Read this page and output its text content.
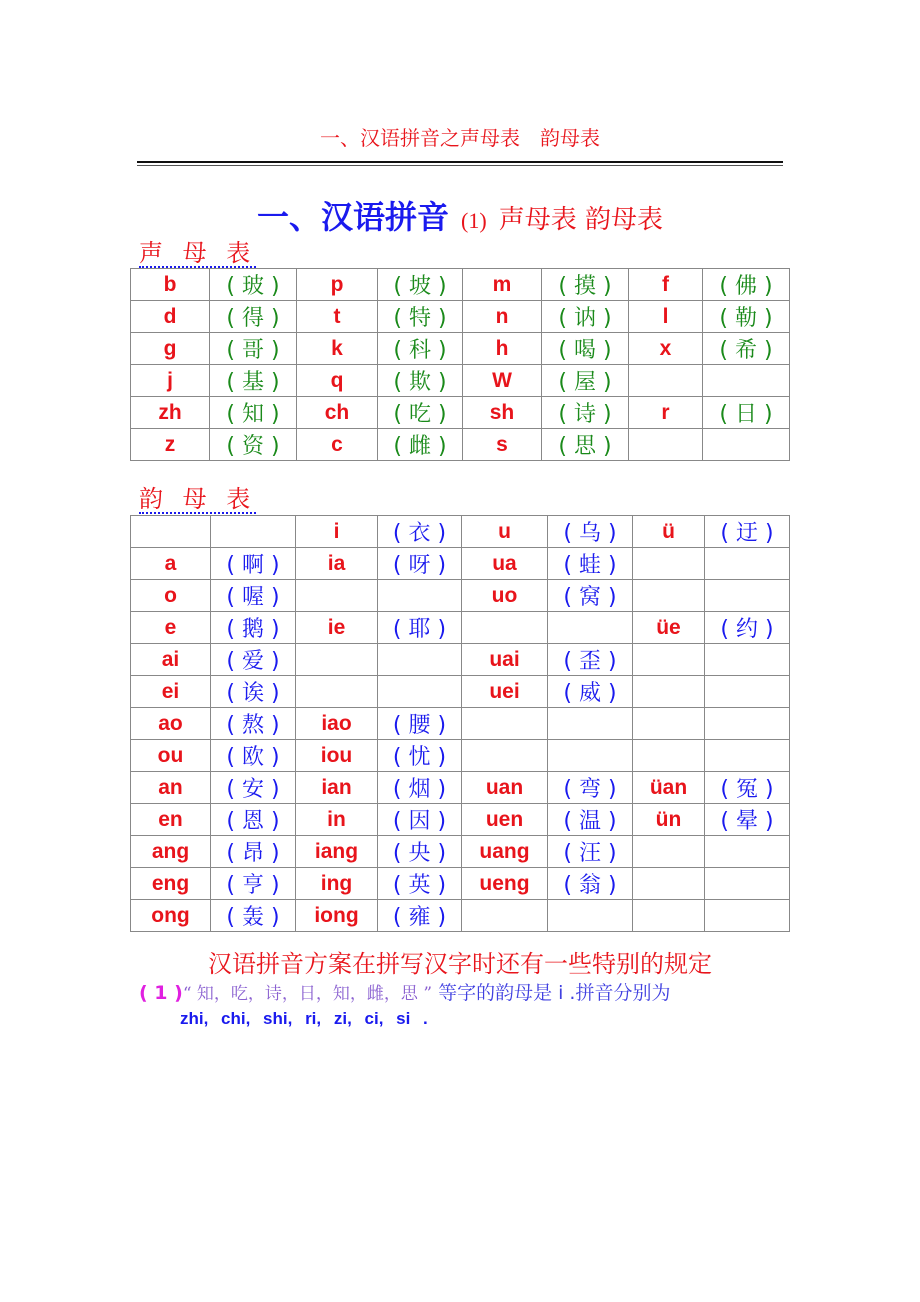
一、汉语拼音之声母表　韵母表
一、汉语拼音 (1) 声母表 韵母表
声 母 表
b	( 玻 )	p	( 坡 )	m	( 摸 )	f	( 佛 )
d	( 得 )	t	( 特 )	n	( 讷 )	l	( 勒 )
g	( 哥 )	k	( 科 )	h	( 喝 )	x	( 希 )
j	( 基 )	q	( 欺 )	W	( 屋 )		
zh	( 知 )	ch	( 吃 )	sh	( 诗 )	r	( 日 )
z	( 资 )	c	( 雌 )	s	( 思 )		
韵 母 表
		i	( 衣 )	u	( 乌 )	ü	( 迂 )
a	( 啊 )	ia	( 呀 )	ua	( 蛙 )		
o	( 喔 )			uo	( 窝 )		
e	( 鹅 )	ie	( 耶 )			üe	( 约 )
ai	( 爱 )			uai	( 歪 )		
ei	( 诶 )			uei	( 威 )		
ao	( 熬 )	iao	( 腰 )				
ou	( 欧 )	iou	( 忧 )				
an	( 安 )	ian	( 烟 )	uan	( 弯 )	üan	( 冤 )
en	( 恩 )	in	( 因 )	uen	( 温 )	ün	( 晕 )
ang	( 昂 )	iang	( 央 )	uang	( 汪 )		
eng	( 亨 )	ing	( 英 )	ueng	( 翁 )		
ong	( 轰 )	iong	( 雍 )				
汉语拼音方案在拼写汉字时还有一些特别的规定
( 1 )“ 知，吃，诗，日，知，雌，思 ” 等字的韵母是 i .拼音分别为
zhi, chi, shi, ri, zi, ci, si .
